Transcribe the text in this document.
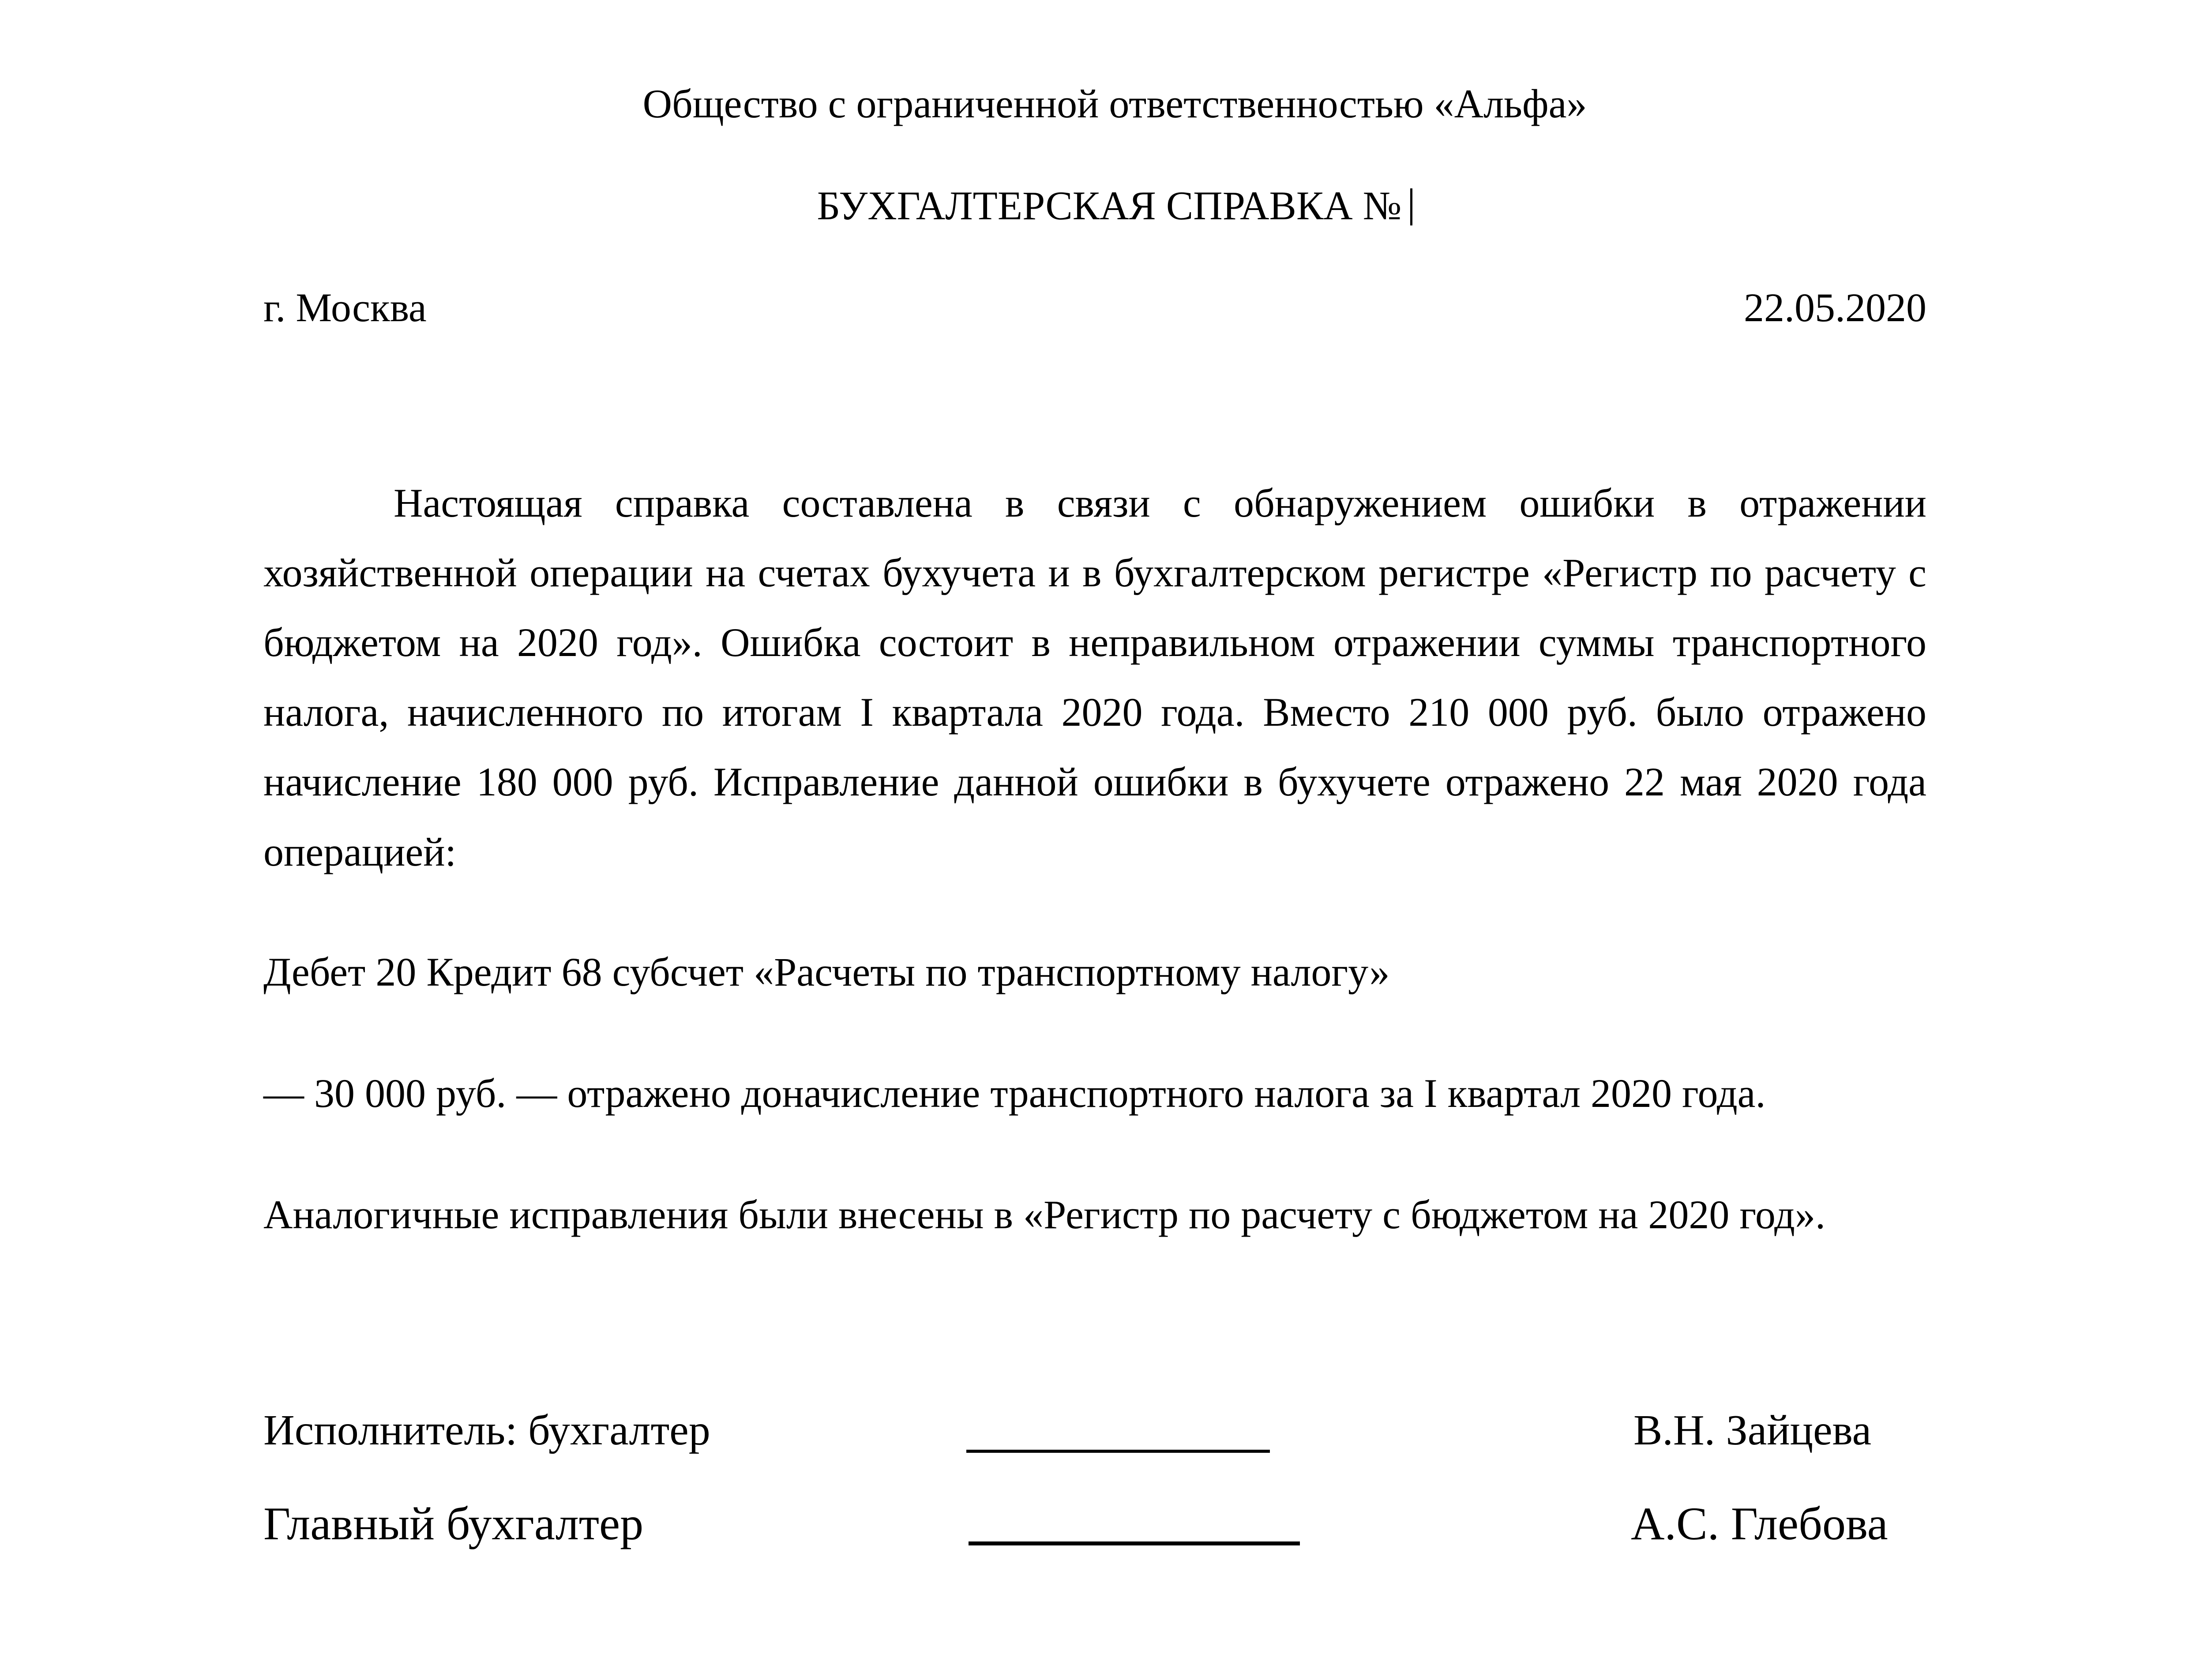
Общество с ограниченной ответственностью «Альфа»

БУХГАЛТЕРСКАЯ СПРАВКА №

г. Москва	22.05.2020
Настоящая справка составлена в связи с обнаружением ошибки в отражении
хозяйственной операции на счетах бухучета и в бухгалтерском регистре «Регистр по расчету с
бюджетом на 2020 год». Ошибка состоит в неправильном отражении суммы транспортного
налога, начисленного по итогам I квартала 2020 года. Вместо 210 000 руб. было отражено
начисление 180 000 руб. Исправление данной ошибки в бухучете отражено 22 мая 2020 года
операцией:
Дебет 20 Кредит 68 субсчет «Расчеты по транспортному налогу»
— 30 000 руб. — отражено доначисление транспортного налога за I квартал 2020 года.
Аналогичные исправления были внесены в «Регистр по расчету с бюджетом на 2020 год».
Исполнитель: бухгалтер	В.Н. Зайцева
Главный бухгалтер	А.С. Глебова
